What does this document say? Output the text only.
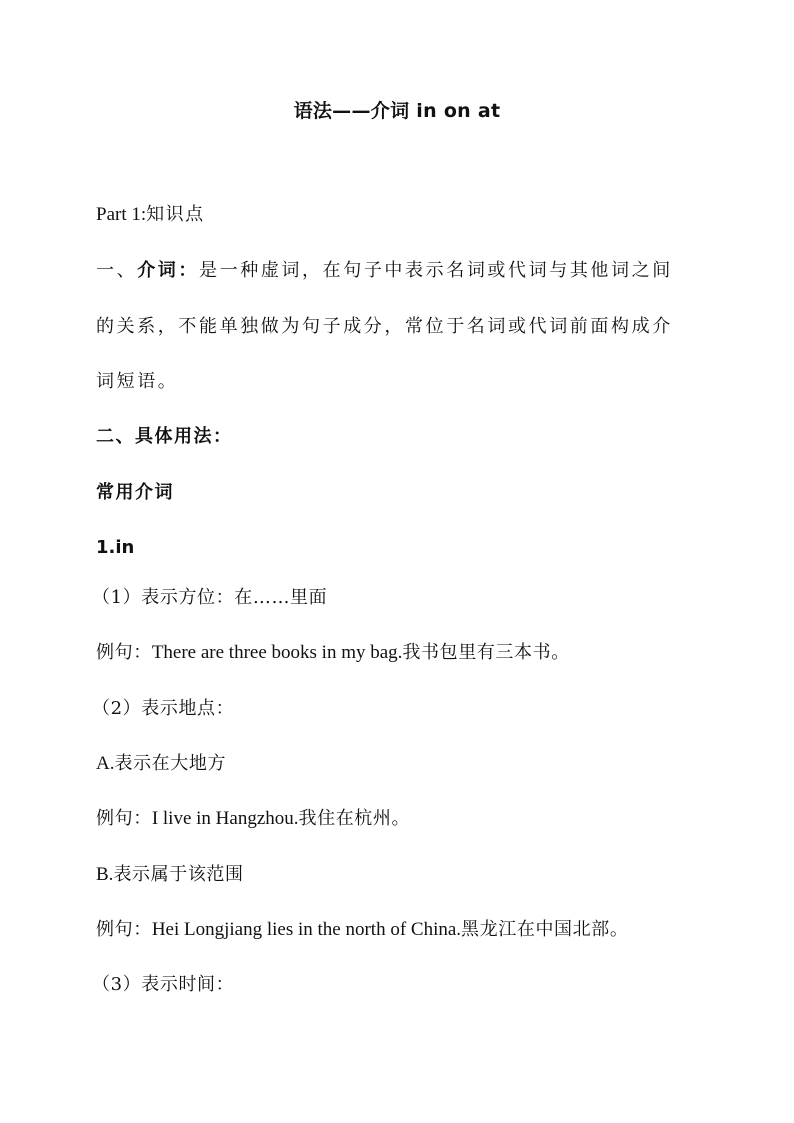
语法——介词 in on at
Part 1:知识点
一、介词：是一种虚词，在句子中表示名词或代词与其他词之间
的关系，不能单独做为句子成分，常位于名词或代词前面构成介
词短语。
二、具体用法：
常用介词
1.in
（1）表示方位：在……里面
例句：There are three books in my bag.我书包里有三本书。
（2）表示地点：
A.表示在大地方
例句：I live in Hangzhou.我住在杭州。
B.表示属于该范围
例句：Hei Longjiang lies in the north of China.黑龙江在中国北部。
（3）表示时间：
